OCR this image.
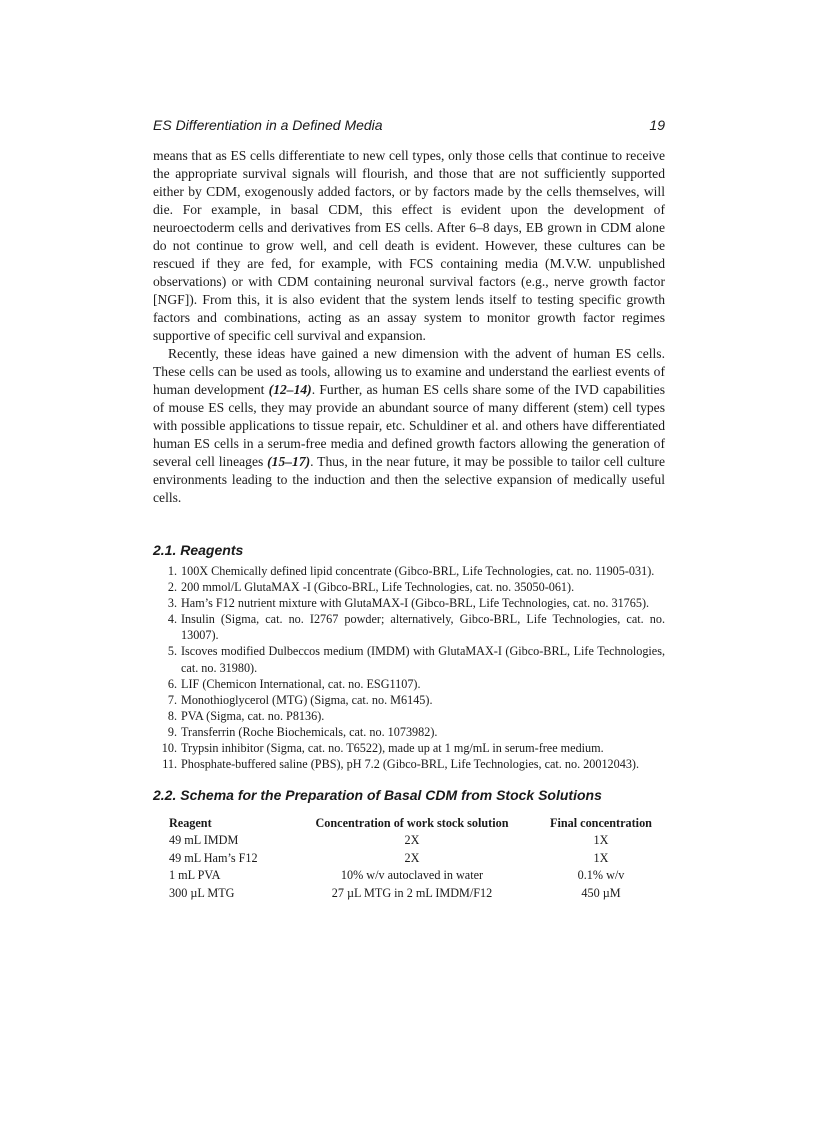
ES Differentiation in a Defined Media	19

means that as ES cells differentiate to new cell types, only those cells that continue to receive the appropriate survival signals will flourish, and those that are not sufficiently supported either by CDM, exogenously added factors, or by factors made by the cells themselves, will die. For example, in basal CDM, this effect is evident upon the development of neuroectoderm cells and derivatives from ES cells. After 6–8 days, EB grown in CDM alone do not continue to grow well, and cell death is evident. However, these cultures can be rescued if they are fed, for example, with FCS containing media (M.V.W. unpublished observations) or with CDM containing neuronal survival factors (e.g., nerve growth factor [NGF]). From this, it is also evident that the system lends itself to testing specific growth factors and combinations, acting as an assay system to monitor growth factor regimes supportive of specific cell survival and expansion.

Recently, these ideas have gained a new dimension with the advent of human ES cells. These cells can be used as tools, allowing us to examine and understand the earliest events of human development (12–14). Further, as human ES cells share some of the IVD capabilities of mouse ES cells, they may provide an abundant source of many different (stem) cell types with possible applications to tissue repair, etc. Schuldiner et al. and others have differentiated human ES cells in a serum-free media and defined growth factors allowing the generation of several cell lineages (15–17). Thus, in the near future, it may be possible to tailor cell culture environments leading to the induction and then the selective expansion of medically useful cells.

2.1. Reagents
1. 100X Chemically defined lipid concentrate (Gibco-BRL, Life Technologies, cat. no. 11905-031).
2. 200 mmol/L GlutaMAX -I (Gibco-BRL, Life Technologies, cat. no. 35050-061).
3. Ham’s F12 nutrient mixture with GlutaMAX-I (Gibco-BRL, Life Technologies, cat. no. 31765).
4. Insulin (Sigma, cat. no. I2767 powder; alternatively, Gibco-BRL, Life Technologies, cat. no. 13007).
5. Iscoves modified Dulbeccos medium (IMDM) with GlutaMAX-I (Gibco-BRL, Life Technologies, cat. no. 31980).
6. LIF (Chemicon International, cat. no. ESG1107).
7. Monothioglycerol (MTG) (Sigma, cat. no. M6145).
8. PVA (Sigma, cat. no. P8136).
9. Transferrin (Roche Biochemicals, cat. no. 1073982).
10. Trypsin inhibitor (Sigma, cat. no. T6522), made up at 1 mg/mL in serum-free medium.
11. Phosphate-buffered saline (PBS), pH 7.2 (Gibco-BRL, Life Technologies, cat. no. 20012043).
2.2. Schema for the Preparation of Basal CDM from Stock Solutions
Reagent	Concentration of work stock solution	Final concentration
49 mL IMDM	2X	1X
49 mL Ham’s F12	2X	1X
1 mL PVA	10% w/v autoclaved in water	0.1% w/v
300 µL MTG	27 µL MTG in 2 mL IMDM/F12	450 µM
